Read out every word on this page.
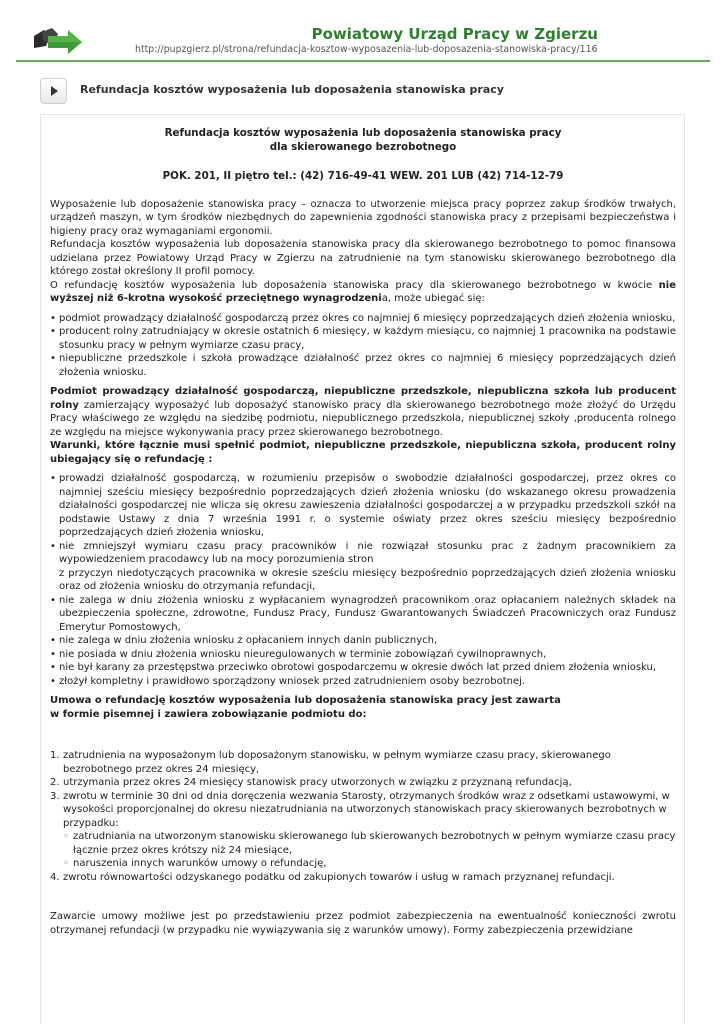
Powiatowy Urząd Pracy w Zgierzu
http://pupzgierz.pl/strona/refundacja-kosztow-wyposazenia-lub-doposazenia-stanowiska-pracy/116
Refundacja kosztów wyposażenia lub doposażenia stanowiska pracy
Refundacja kosztów wyposażenia lub doposażenia stanowiska pracy
dla skierowanego bezrobotnego
POK. 201, II piętro tel.: (42) 716-49-41 WEW. 201 LUB (42) 714-12-79

Wyposażenie lub doposażenie stanowiska pracy – oznacza to utworzenie miejsca pracy poprzez zakup środków trwałych, urządzeń maszyn, w tym środków niezbędnych do zapewnienia zgodności stanowiska pracy z przepisami bezpieczeństwa i higieny pracy oraz wymaganiami ergonomii.

Refundacja kosztów wyposażenia lub doposażenia stanowiska pracy dla skierowanego bezrobotnego to pomoc finansowa udzielana przez Powiatowy Urząd Pracy w Zgierzu na zatrudnienie na tym stanowisku skierowanego bezrobotnego dla którego został określony II profil pomocy.

O refundację kosztów wyposażenia lub doposażenia stanowiska pracy dla skierowanego bezrobotnego w kwocie nie wyższej niż 6-krotna wysokość przeciętnego wynagrodzenia, może ubiegać się:

• podmiot prowadzący działalność gospodarczą przez okres co najmniej 6 miesięcy poprzedzających dzień złożenia wniosku,
• producent rolny zatrudniający w okresie ostatnich 6 miesięcy, w każdym miesiącu, co najmniej 1 pracownika na podstawie stosunku pracy w pełnym wymiarze czasu pracy,
• niepubliczne przedszkole i szkoła prowadzące działalność przez okres co najmniej 6 miesięcy poprzedzających dzień złożenia wniosku.

Podmiot prowadzący działalność gospodarczą, niepubliczne przedszkole, niepubliczna szkoła lub producent rolny zamierzający wyposażyć lub doposażyć stanowisko pracy dla skierowanego bezrobotnego może złożyć do Urzędu Pracy właściwego ze względu na siedzibę podmiotu, niepublicznego przedszkola, niepublicznej szkoły ,producenta rolnego ze względu na miejsce wykonywania pracy przez skierowanego bezrobotnego.

Warunki, które łącznie musi spełnić podmiot, niepubliczne przedszkole, niepubliczna szkoła, producent rolny ubiegający się o refundację :

• prowadzi działalność gospodarczą, w rozumieniu przepisów o swobodzie działalności gospodarczej, przez okres co najmniej sześciu miesięcy bezpośrednio poprzedzających dzień złożenia wniosku (do wskazanego okresu prowadzenia działalności gospodarczej nie wlicza się okresu zawieszenia działalności gospodarczej a w przypadku przedszkoli szkół na podstawie Ustawy z dnia 7 września 1991 r. o systemie oświaty przez okres sześciu miesięcy bezpośrednio poprzedzających dzień złożenia wniosku,
• nie zmniejszył wymiaru czasu pracy pracowników i nie rozwiązał stosunku prac z żadnym pracownikiem za wypowiedzeniem pracodawcy lub na mocy porozumienia stron
z przyczyn niedotyczących pracownika w okresie sześciu miesięcy bezpośrednio poprzedzających dzień złożenia wniosku oraz od złożenia wniosku do otrzymania refundacji,
• nie zalega w dniu złożenia wniosku z wypłacaniem wynagrodzeń pracownikom oraz opłacaniem należnych składek na ubezpieczenia społeczne, zdrowotne, Fundusz Pracy, Fundusz Gwarantowanych Świadczeń Pracowniczych oraz Fundusz Emerytur Pomostowych,
• nie zalega w dniu złożenia wniosku z opłacaniem innych danin publicznych,
• nie posiada w dniu złożenia wniosku nieuregulowanych w terminie zobowiązań cywilnoprawnych,
• nie był karany za przestępstwa przeciwko obrotowi gospodarczemu w okresie dwóch lat przed dniem złożenia wniosku,
• złożył kompletny i prawidłowo sporządzony wniosek przed zatrudnieniem osoby bezrobotnej.
Umowa o refundację kosztów wyposażenia lub doposażenia stanowiska pracy jest zawarta
w formie pisemnej i zawiera zobowiązanie podmiotu do:
1. zatrudnienia na wyposażonym lub doposażonym stanowisku, w pełnym wymiarze czasu pracy, skierowanego bezrobotnego przez okres 24 miesięcy,
2. utrzymania przez okres 24 miesięcy stanowisk pracy utworzonych w związku z przyznaną refundacją,
3. zwrotu w terminie 30 dni od dnia doręczenia wezwania Starosty, otrzymanych środków wraz z odsetkami ustawowymi, w wysokości proporcjonalnej do okresu niezatrudniania na utworzonych stanowiskach pracy skierowanych bezrobotnych w przypadku:
◦ zatrudniania na utworzonym stanowisku skierowanego lub skierowanych bezrobotnych w pełnym wymiarze czasu pracy łącznie przez okres krótszy niż 24 miesiące,
◦ naruszenia innych warunków umowy o refundację,
4. zwrotu równowartości odzyskanego podatku od zakupionych towarów i usług w ramach przyznanej refundacji.

Zawarcie umowy możliwe jest po przedstawieniu przez podmiot zabezpieczenia na ewentualność konieczności zwrotu otrzymanej refundacji (w przypadku nie wywiązywania się z warunków umowy). Formy zabezpieczenia przewidziane
